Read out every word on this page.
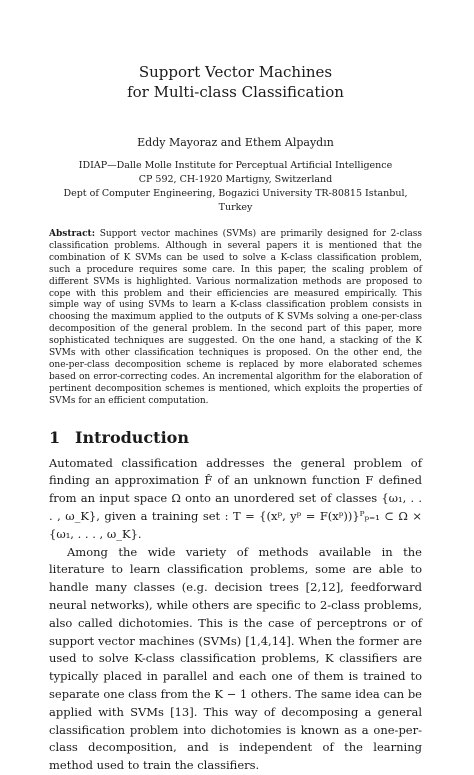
Support Vector Machines
for Multi-class Classification
Eddy Mayoraz and Ethem Alpaydın
IDIAP—Dalle Molle Institute for Perceptual Artificial Intelligence
CP 592, CH-1920 Martigny, Switzerland
Dept of Computer Engineering, Bogazici University TR-80815 Istanbul, Turkey
Abstract: Support vector machines (SVMs) are primarily designed for 2-class classification problems. Although in several papers it is mentioned that the combination of K SVMs can be used to solve a K-class classification problem, such a procedure requires some care. In this paper, the scaling problem of different SVMs is highlighted. Various normalization methods are proposed to cope with this problem and their efficiencies are measured empirically. This simple way of using SVMs to learn a K-class classification problem consists in choosing the maximum applied to the outputs of K SVMs solving a one-per-class decomposition of the general problem. In the second part of this paper, more sophisticated techniques are suggested. On the one hand, a stacking of the K SVMs with other classification techniques is proposed. On the other end, the one-per-class decomposition scheme is replaced by more elaborated schemes based on error-correcting codes. An incremental algorithm for the elaboration of pertinent decomposition schemes is mentioned, which exploits the properties of SVMs for an efficient computation.
1 Introduction

Automated classification addresses the general problem of finding an approximation F̂ of an unknown function F defined from an input space Ω onto an unordered set of classes {ω₁, . . . , ω_K}, given a training set : T = {(xᵖ, yᵖ = F(xᵖ))}ᴾₚ₌₁ ⊂ Ω × {ω₁, . . . , ω_K}.

Among the wide variety of methods available in the literature to learn classification problems, some are able to handle many classes (e.g. decision trees [2,12], feedforward neural networks), while others are specific to 2-class problems, also called dichotomies. This is the case of perceptrons or of support vector machines (SVMs) [1,4,14]. When the former are used to solve K-class classification problems, K classifiers are typically placed in parallel and each one of them is trained to separate one class from the K − 1 others. The same idea can be applied with SVMs [13]. This way of decomposing a general classification problem into dichotomies is known as a one-per-class decomposition, and is independent of the learning method used to train the classifiers.
